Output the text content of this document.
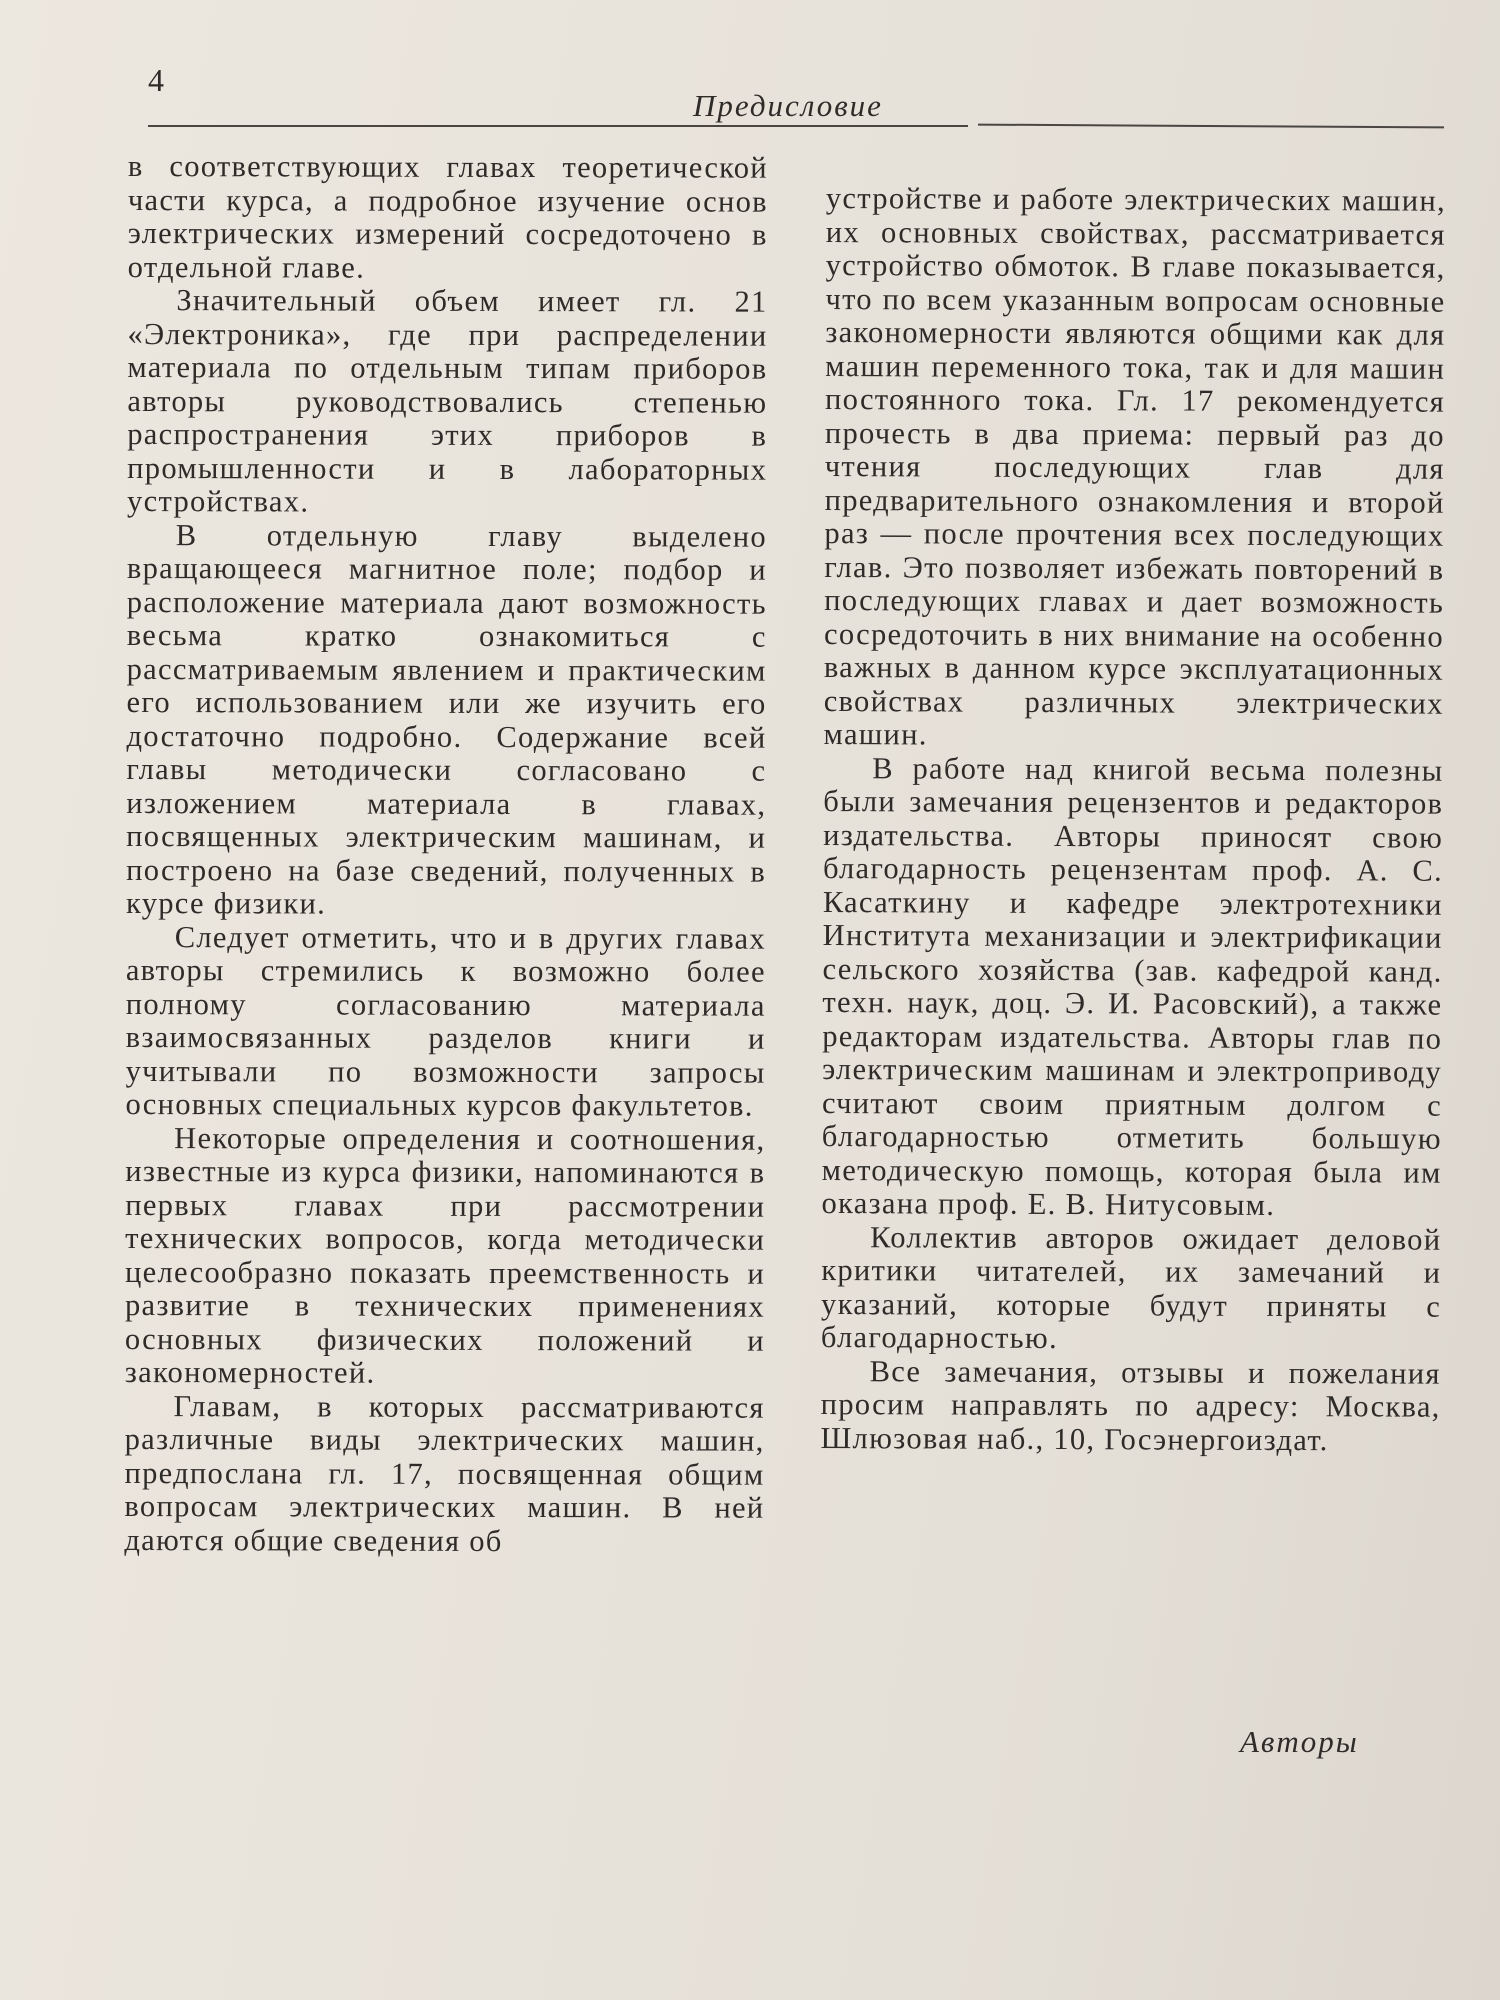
4
Предисловие

в соответствующих главах теоретической части курса, а подробное изучение основ электрических измерений сосредоточено в отдельной главе.

Значительный объем имеет гл. 21 «Электроника», где при распределении материала по отдельным типам приборов авторы руководствовались степенью распространения этих приборов в промышленности и в лабораторных устройствах.

В отдельную главу выделено вращающееся магнитное поле; подбор и расположение материала дают возможность весьма кратко ознакомиться с рассматриваемым явлением и практическим его использованием или же изучить его достаточно подробно. Содержание всей главы методически согласовано с изложением материала в главах, посвященных электрическим машинам, и построено на базе сведений, полученных в курсе физики.

Следует отметить, что и в других главах авторы стремились к возможно более полному согласованию материала взаимосвязанных разделов книги и учитывали по возможности запросы основных специальных курсов факультетов.

Некоторые определения и соотношения, известные из курса физики, напоминаются в первых главах при рассмотрении технических вопросов, когда методически целесообразно показать преемственность и развитие в технических применениях основных физических положений и закономерностей.

Главам, в которых рассматриваются различные виды электрических машин, предпослана гл. 17, посвященная общим вопросам электрических машин. В ней даются общие сведения об

устройстве и работе электрических машин, их основных свойствах, рассматривается устройство обмоток. В главе показывается, что по всем указанным вопросам основные закономерности являются общими как для машин переменного тока, так и для машин постоянного тока. Гл. 17 рекомендуется прочесть в два приема: первый раз до чтения последующих глав для предварительного ознакомления и второй раз — после прочтения всех последующих глав. Это позволяет избежать повторений в последующих главах и дает возможность сосредоточить в них внимание на особенно важных в данном курсе эксплуатационных свойствах различных электрических машин.

В работе над книгой весьма полезны были замечания рецензентов и редакторов издательства. Авторы приносят свою благодарность рецензентам проф. А. С. Касаткину и кафедре электротехники Института механизации и электрификации сельского хозяйства (зав. кафедрой канд. техн. наук, доц. Э. И. Расовский), а также редакторам издательства. Авторы глав по электрическим машинам и электроприводу считают своим приятным долгом с благодарностью отметить большую методическую помощь, которая была им оказана проф. Е. В. Нитусовым.

Коллектив авторов ожидает деловой критики читателей, их замечаний и указаний, которые будут приняты с благодарностью.

Все замечания, отзывы и пожелания просим направлять по адресу: Москва, Шлюзовая наб., 10, Госэнергоиздат.

Авторы
